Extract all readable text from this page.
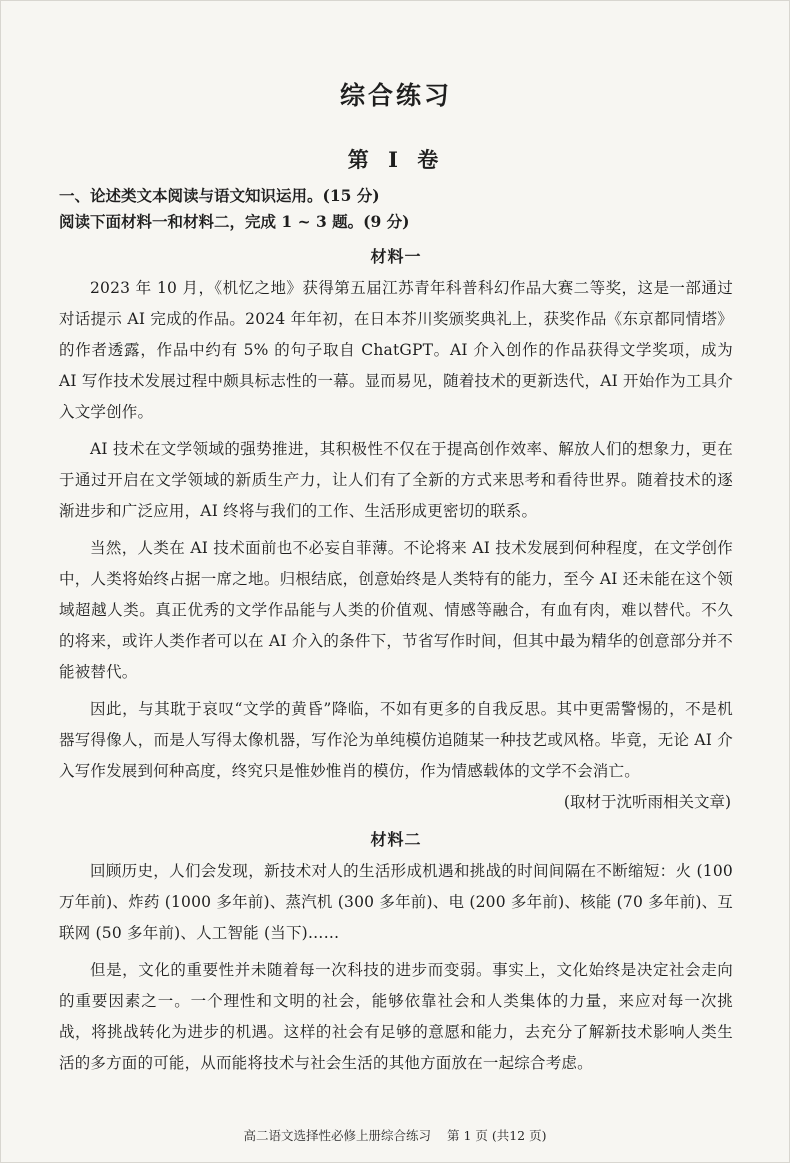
综合练习
第 Ⅰ 卷

一、论述类文本阅读与语文知识运用。(15 分)

阅读下面材料一和材料二，完成 1 ~ 3 题。(9 分)

材料一

2023 年 10 月，《机忆之地》获得第五届江苏青年科普科幻作品大赛二等奖，这是一部通过对话提示 AI 完成的作品。2024 年年初，在日本芥川奖颁奖典礼上，获奖作品《东京都同情塔》的作者透露，作品中约有 5% 的句子取自 ChatGPT。AI 介入创作的作品获得文学奖项，成为 AI 写作技术发展过程中颇具标志性的一幕。显而易见，随着技术的更新迭代，AI 开始作为工具介入文学创作。

AI 技术在文学领域的强势推进，其积极性不仅在于提高创作效率、解放人们的想象力，更在于通过开启在文学领域的新质生产力，让人们有了全新的方式来思考和看待世界。随着技术的逐渐进步和广泛应用，AI 终将与我们的工作、生活形成更密切的联系。

当然，人类在 AI 技术面前也不必妄自菲薄。不论将来 AI 技术发展到何种程度，在文学创作中，人类将始终占据一席之地。归根结底，创意始终是人类特有的能力，至今 AI 还未能在这个领域超越人类。真正优秀的文学作品能与人类的价值观、情感等融合，有血有肉，难以替代。不久的将来，或许人类作者可以在 AI 介入的条件下，节省写作时间，但其中最为精华的创意部分并不能被替代。

因此，与其耽于哀叹“文学的黄昏”降临，不如有更多的自我反思。其中更需警惕的，不是机器写得像人，而是人写得太像机器，写作沦为单纯模仿追随某一种技艺或风格。毕竟，无论 AI 介入写作发展到何种高度，终究只是惟妙惟肖的模仿，作为情感载体的文学不会消亡。

(取材于沈听雨相关文章)

材料二

回顾历史，人们会发现，新技术对人的生活形成机遇和挑战的时间间隔在不断缩短：火 (100 万年前)、炸药 (1000 多年前)、蒸汽机 (300 多年前)、电 (200 多年前)、核能 (70 多年前)、互联网 (50 多年前)、人工智能 (当下)……

但是，文化的重要性并未随着每一次科技的进步而变弱。事实上，文化始终是决定社会走向的重要因素之一。一个理性和文明的社会，能够依靠社会和人类集体的力量，来应对每一次挑战，将挑战转化为进步的机遇。这样的社会有足够的意愿和能力，去充分了解新技术影响人类生活的多方面的可能，从而能将技术与社会生活的其他方面放在一起综合考虑。

高二语文选择性必修上册综合练习 第 1 页 (共12 页)
